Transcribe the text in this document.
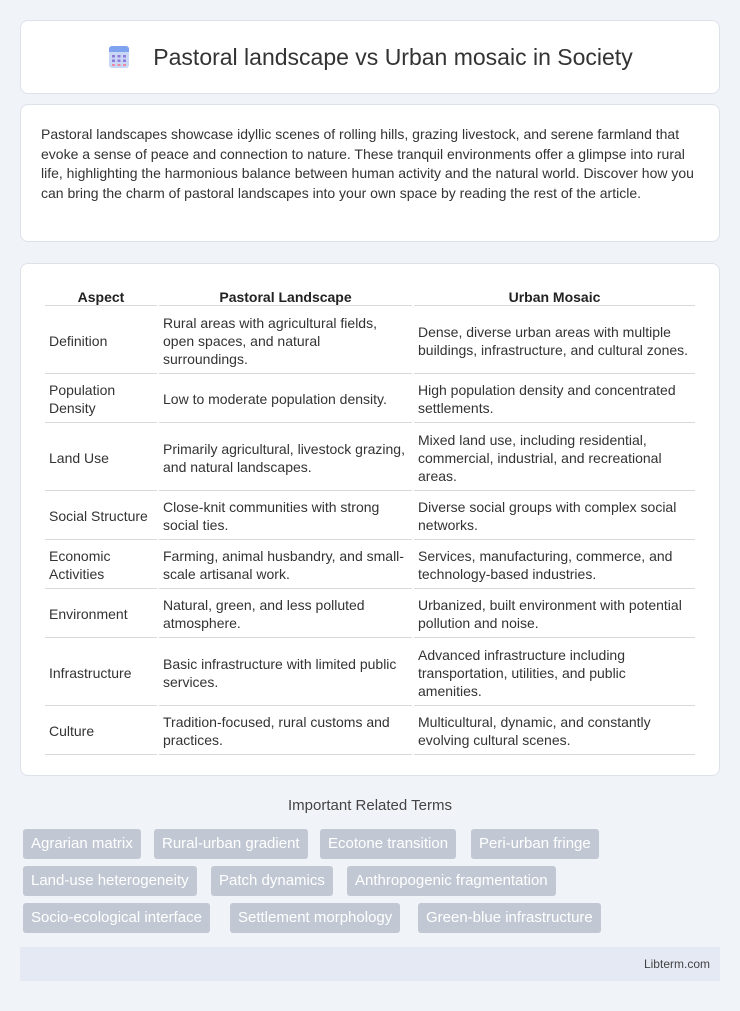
Pastoral landscape vs Urban mosaic in Society

Pastoral landscapes showcase idyllic scenes of rolling hills, grazing livestock, and serene farmland that evoke a sense of peace and connection to nature. These tranquil environments offer a glimpse into rural life, highlighting the harmonious balance between human activity and the natural world. Discover how you can bring the charm of pastoral landscapes into your own space by reading the rest of the article.

Aspect	Pastoral Landscape	Urban Mosaic
Definition	Rural areas with agricultural fields, open spaces, and natural surroundings.	Dense, diverse urban areas with multiple buildings, infrastructure, and cultural zones.
Population Density	Low to moderate population density.	High population density and concentrated settlements.
Land Use	Primarily agricultural, livestock grazing, and natural landscapes.	Mixed land use, including residential, commercial, industrial, and recreational areas.
Social Structure	Close-knit communities with strong social ties.	Diverse social groups with complex social networks.
Economic Activities	Farming, animal husbandry, and small-scale artisanal work.	Services, manufacturing, commerce, and technology-based industries.
Environment	Natural, green, and less polluted atmosphere.	Urbanized, built environment with potential pollution and noise.
Infrastructure	Basic infrastructure with limited public services.	Advanced infrastructure including transportation, utilities, and public amenities.
Culture	Tradition-focused, rural customs and practices.	Multicultural, dynamic, and constantly evolving cultural scenes.
Important Related Terms
Agrarian matrix	Rural-urban gradient	Ecotone transition	Peri-urban fringe
Land-use heterogeneity	Patch dynamics	Anthropogenic fragmentation
Socio-ecological interface	Settlement morphology	Green-blue infrastructure
Libterm.com
